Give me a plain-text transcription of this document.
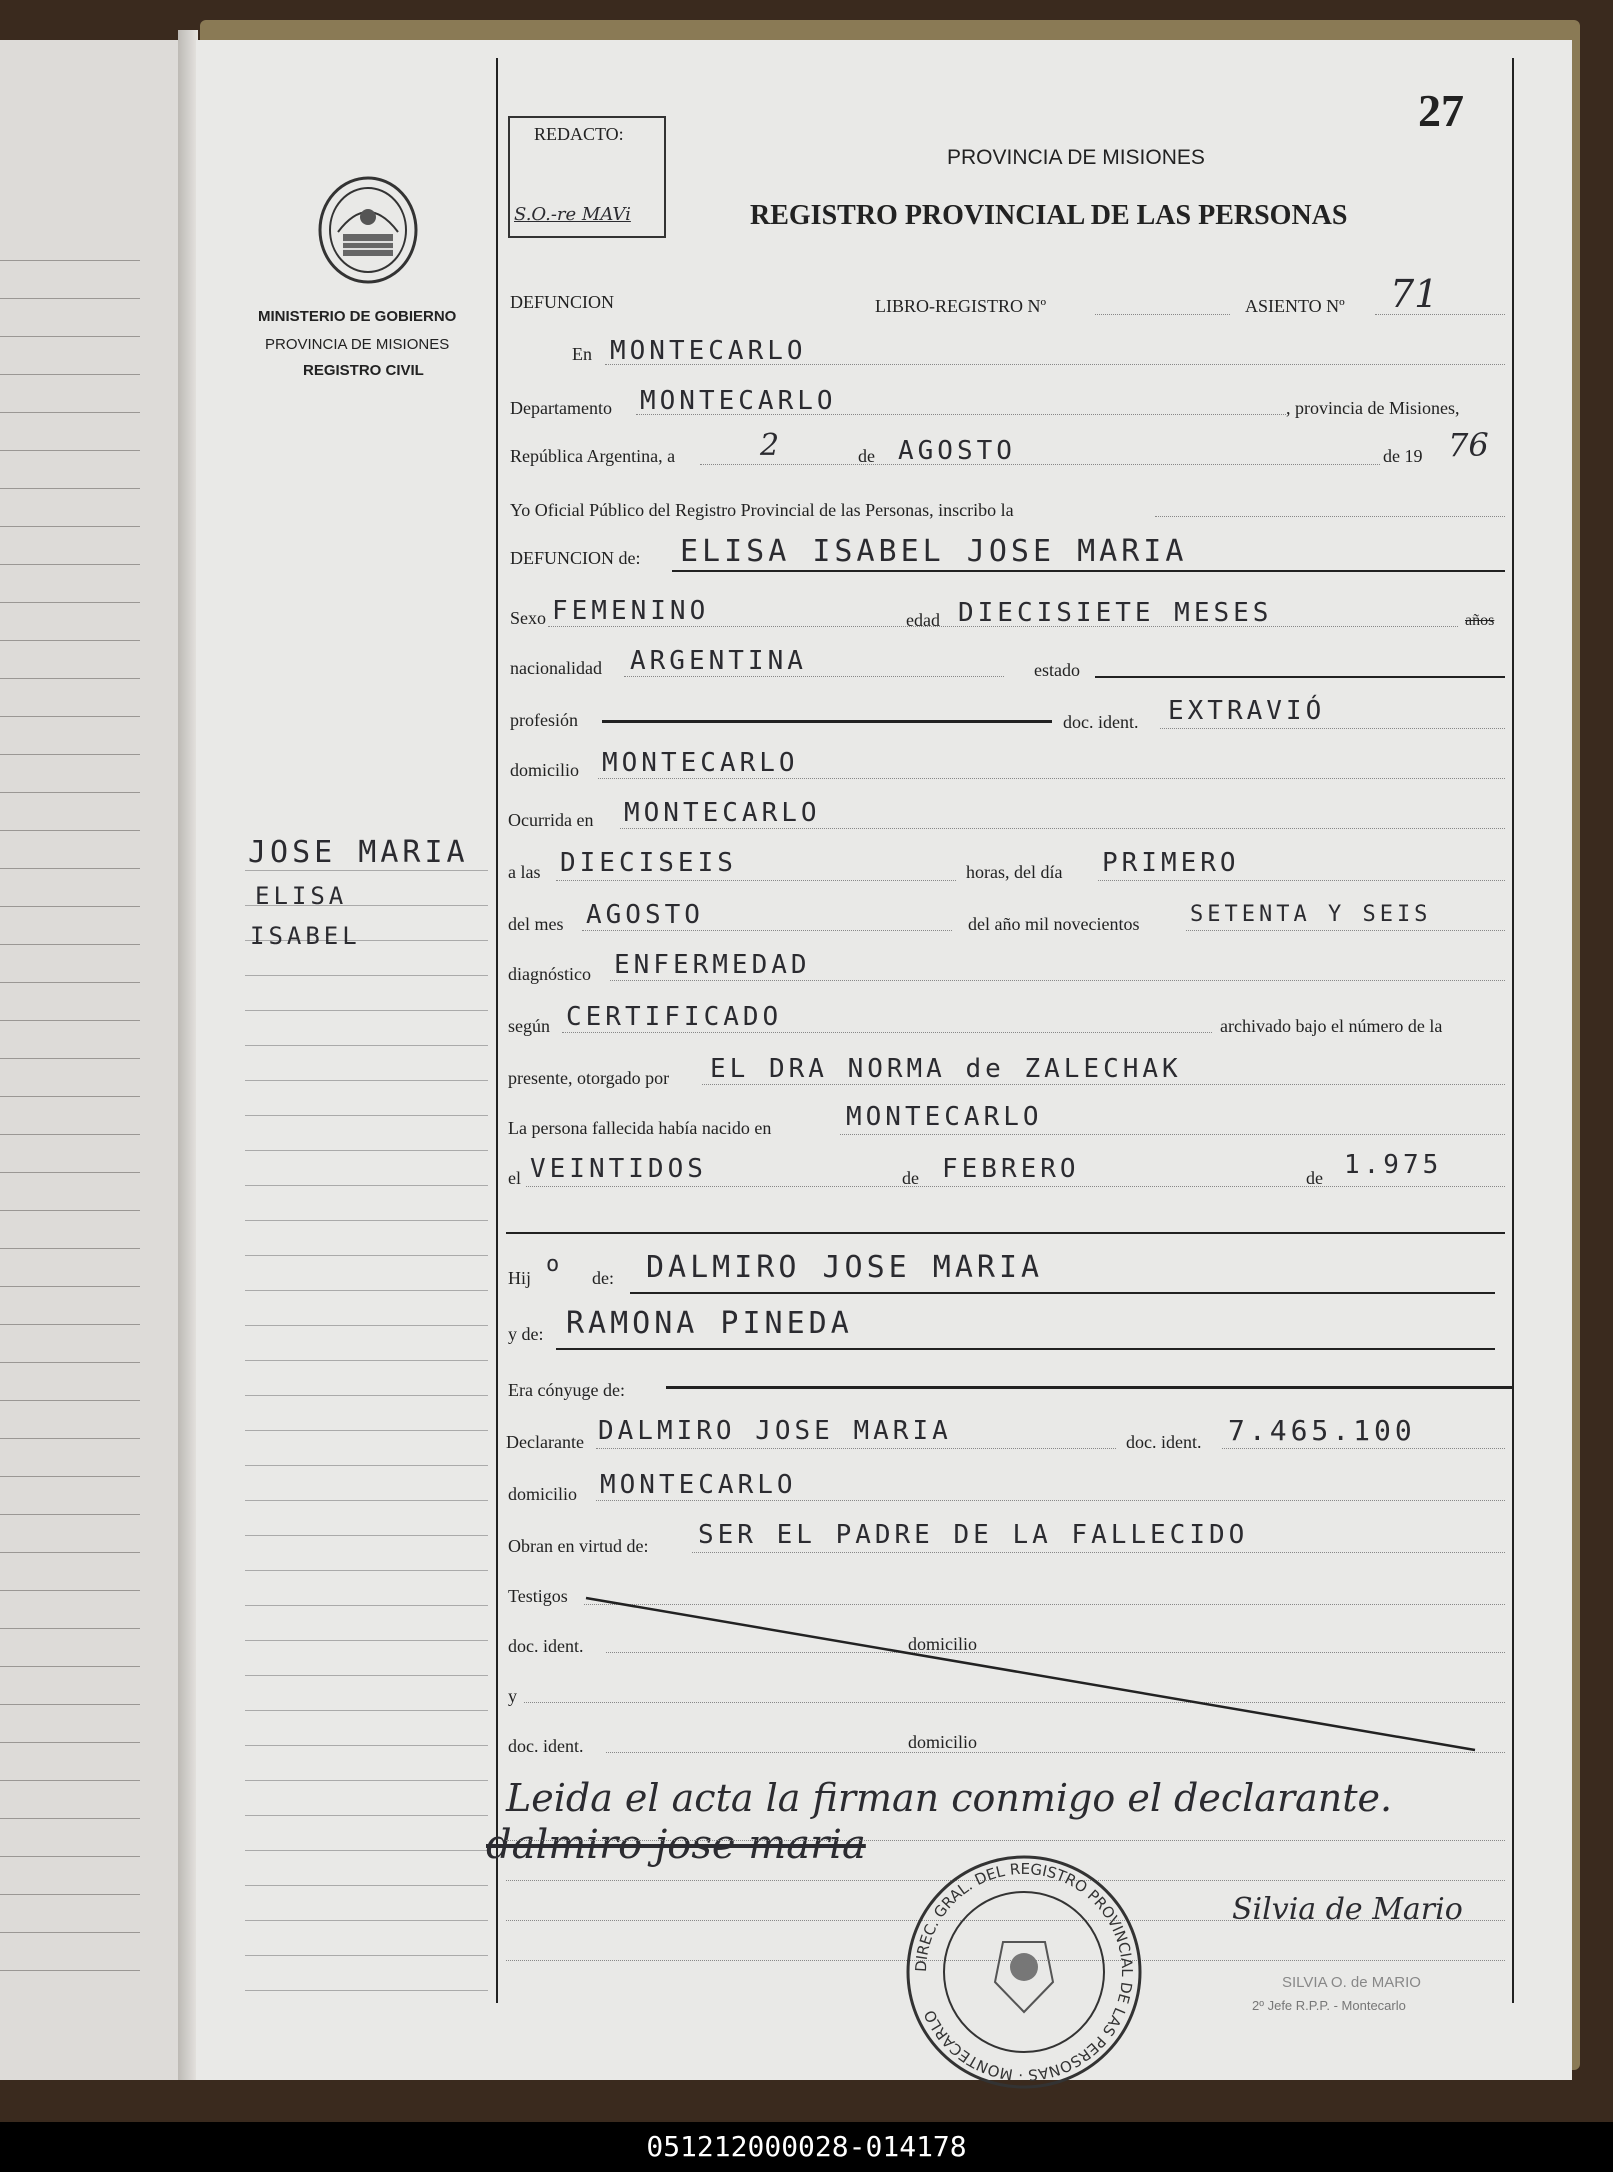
MINISTERIO DE GOBIERNO
PROVINCIA DE MISIONES
REGISTRO CIVIL
JOSE MARIA
ELISA
ISABEL
REDACTO:
S.O.-re MAVi
27
PROVINCIA DE MISIONES
REGISTRO PROVINCIAL DE LAS PERSONAS
DEFUNCION	LIBRO-REGISTRO Nº	ASIENTO Nº 71
En MONTECARLO
Departamento MONTECARLO	, provincia de Misiones,
República Argentina, a	2	de AGOSTO	de 19 76
Yo Oficial Público del Registro Provincial de las Personas, inscribo la
DEFUNCION de: ELISA ISABEL JOSE MARIA
Sexo FEMENINO	edad DIECISIETE MESES	años
nacionalidad ARGENTINA	estado
profesión	doc. ident. EXTRAVIÓ
domicilio MONTECARLO
Ocurrida en MONTECARLO
a las DIECISEIS	horas, del día PRIMERO
del mes AGOSTO	del año mil novecientos SETENTA Y SEIS
diagnóstico ENFERMEDAD
según CERTIFICADO	archivado bajo el número de la
presente, otorgado por EL DRA NORMA de ZALECHAK
La persona fallecida había nacido en	MONTECARLO
el VEINTIDOS	de FEBRERO	de 1.975
Hij
o
de: DALMIRO JOSE MARIA
y de: RAMONA PINEDA
Era cónyuge de:
Declarante DALMIRO JOSE MARIA	doc. ident. 7.465.100
domicilio MONTECARLO
Obran en virtud de: SER EL PADRE DE LA FALLECIDO
Testigos
doc. ident.	domicilio
y
doc. ident.	domicilio
Leida el acta la firman conmigo el declarante.
dalmiro jose maria
DIREC. GRAL. DEL REGISTRO PROVINCIAL DE LAS PERSONAS · MONTECARLO
Silvia de Mario
SILVIA O. de MARIO
2º Jefe R.P.P. - Montecarlo
051212000028-014178
